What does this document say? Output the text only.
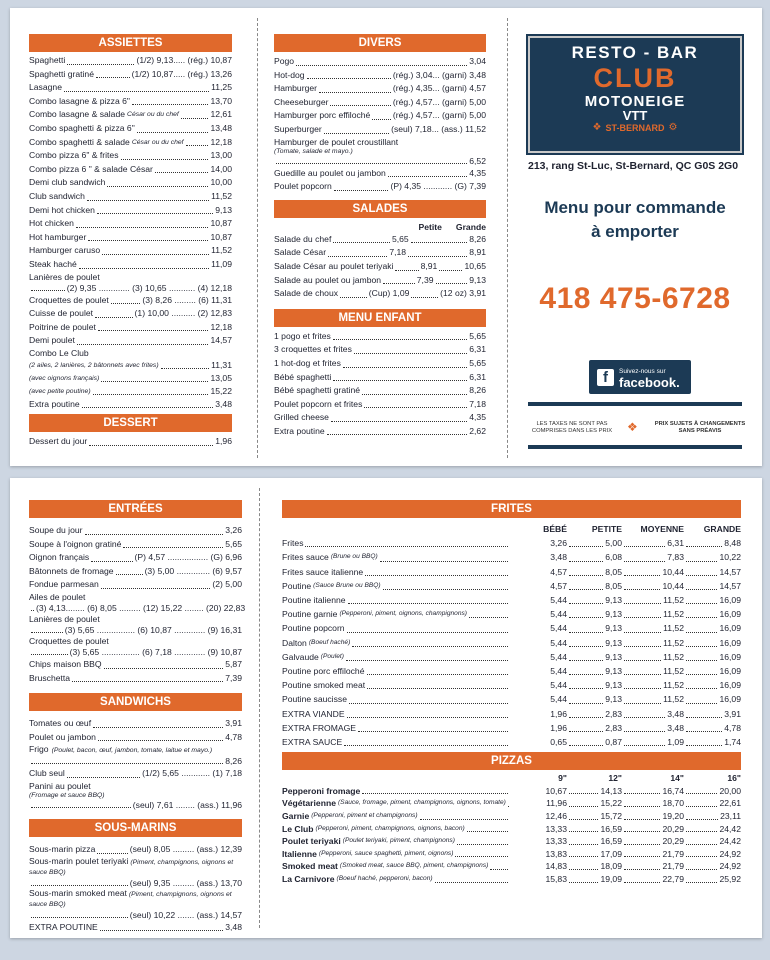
ASSIETTES
Spaghetti	(1/2) 9,13..... (rég.) 10,87
Spaghetti gratiné	(1/2) 10,87..... (rég.) 13,26
Lasagne	11,25
Combo lasagne & pizza 6"	13,70
Combo lasagne & salade César ou du chef	12,61
Combo spaghetti & pizza 6"	13,48
Combo spaghetti & salade César ou du chef	12,18
Combo pizza 6" & frites	13,00
Combo pizza 6 " & salade César	14,00
Demi club sandwich	10,00
Club sandwich	11,52
Demi hot chicken	9,13
Hot chicken	10,87
Hot hamburger	10,87
Hamburger caruso	11,52
Steak haché	11,09
Lanières de poulet
(2) 9,35 ............. (3) 10,65 ........... (4) 12,18
Croquettes de poulet	(3) 8,26 ......... (6) 11,31
Cuisse de poulet	(1) 10,00 .......... (2) 12,83
Poitrine de poulet	12,18
Demi poulet	14,57
Combo Le Club
(2 ailes, 2 lanières, 2 bâtonnets avec frites)	11,31
(avec oignons français)	13,05
(avec petite poutine)	15,22
Extra poutine	3,48
DESSERT
Dessert du jour	1,96
DIVERS
Pogo	3,04
Hot-dog	(rég.) 3,04... (garni) 3,48
Hamburger	(rég.) 4,35... (garni) 4,57
Cheeseburger	(rég.) 4,57... (garni) 5,00
Hamburger porc effiloché	(rég.) 4,57... (garni) 5,00
Superburger	(seul) 7,18... (ass.) 11,52
Hamburger de poulet croustillant
(Tomate, salade et mayo.)
6,52
Guedille au poulet ou jambon	4,35
Poulet popcorn	(P) 4,35 ............ (G) 7,39
SALADES
Petite Grande
Salade du chef	5,65	8,26
Salade César	7,18	8,91
Salade César au poulet teriyaki	8,91	10,65
Salade au poulet ou jambon	7,39	9,13
Salade de choux	(Cup) 1,09	(12 oz) 3,91
MENU ENFANT
1 pogo et frites	5,65
3 croquettes et frites	6,31
1 hot-dog et frites	5,65
Bébé spaghetti	6,31
Bébé spaghetti gratiné	8,26
Poulet popcorn et frites	7,18
Grilled cheese	4,35
Extra poutine	2,62
RESTO - BAR
CLUB
MOTONEIGE
VTT
❖ ST-BERNARD ⚙
213, rang St-Luc, St-Bernard, QC G0S 2G0
Menu pour commande
à emporter
418 475-6728
f	Suivez-nous sur
facebook.
LES TAXES NE SONT PAS COMPRISES DANS LES PRIX	❖	PRIX SUJETS À CHANGEMENTS SANS PRÉAVIS
ENTRÉES
Soupe du jour	3,26
Soupe à l'oignon gratiné	5,65
Oignon français	(P) 4,57 ................. (G) 6,96
Bâtonnets de fromage	(3) 5,00 .............. (6) 9,57
Fondue parmesan	(2) 5,00
Ailes de poulet
(3) 4,13........ (6) 8,05 ......... (12) 15,22 ........ (20) 22,83
Lanières de poulet
(3) 5,65 ................ (6) 10,87 ............. (9) 16,31
Croquettes de poulet
(3) 5,65 ................ (6) 7,18 ............. (9) 10,87
Chips maison BBQ	5,87
Bruschetta	7,39
SANDWICHS
Tomates ou œuf	3,91
Poulet ou jambon	4,78
Frigo (Poulet, bacon, œuf, jambon, tomate, laitue et mayo.)
8,26
Club seul	(1/2) 5,65 ............ (1) 7,18
Panini au poulet
(Fromage et sauce BBQ)
(seul) 7,61 ........ (ass.) 11,96
SOUS-MARINS
Sous-marin pizza	(seul) 8,05 ......... (ass.) 12,39
Sous-marin poulet teriyaki (Piment, champignons, oignons et sauce BBQ)
(seul) 9,35 ......... (ass.) 13,70
Sous-marin smoked meat (Piment, champignons, oignons et sauce BBQ)
(seul) 10,22 ....... (ass.) 14,57
EXTRA POUTINE	3,48
FRITES
BÉBÉ	PETITE	MOYENNE	GRANDE
Frites	3,26	5,00	6,31	8,48
Frites sauce (Brune ou BBQ)	3,48	6,08	7,83	10,22
Frites sauce italienne	4,57	8,05	10,44	14,57
Poutine (Sauce Brune ou BBQ)	4,57	8,05	10,44	14,57
Poutine italienne	5,44	9,13	11,52	16,09
Poutine garnie (Pepperoni, piment, oignons, champignons)	5,44	9,13	11,52	16,09
Poutine popcorn	5,44	9,13	11,52	16,09
Dalton (Boeuf haché)	5,44	9,13	11,52	16,09
Galvaude (Poulet)	5,44	9,13	11,52	16,09
Poutine porc effiloché	5,44	9,13	11,52	16,09
Poutine smoked meat	5,44	9,13	11,52	16,09
Poutine saucisse	5,44	9,13	11,52	16,09
EXTRA VIANDE	1,96	2,83	3,48	3,91
EXTRA FROMAGE	1,96	2,83	3,48	4,78
EXTRA SAUCE	0,65	0,87	1,09	1,74
PIZZAS
9"	12"	14"	16"
Pepperoni fromage	10,67	14,13	16,74	20,00
Végétarienne (Sauce, fromage, piment, champignons, oignons, tomate)	11,96	15,22	18,70	22,61
Garnie (Pepperoni, piment et champignons)	12,46	15,72	19,20	23,11
Le Club (Pepperoni, piment, champignons, oignons, bacon)	13,33	16,59	20,29	24,42
Poulet teriyaki (Poulet teriyaki, piment, champignons)	13,33	16,59	20,29	24,42
Italienne (Pepperoni, sauce spaghetti, piment, oignons)	13,83	17,09	21,79	24,92
Smoked meat (Smoked meat, sauce BBQ, piment, champignons)	14,83	18,09	21,79	24,92
La Carnivore (Boeuf haché, pepperoni, bacon)	15,83	19,09	22,79	25,92
